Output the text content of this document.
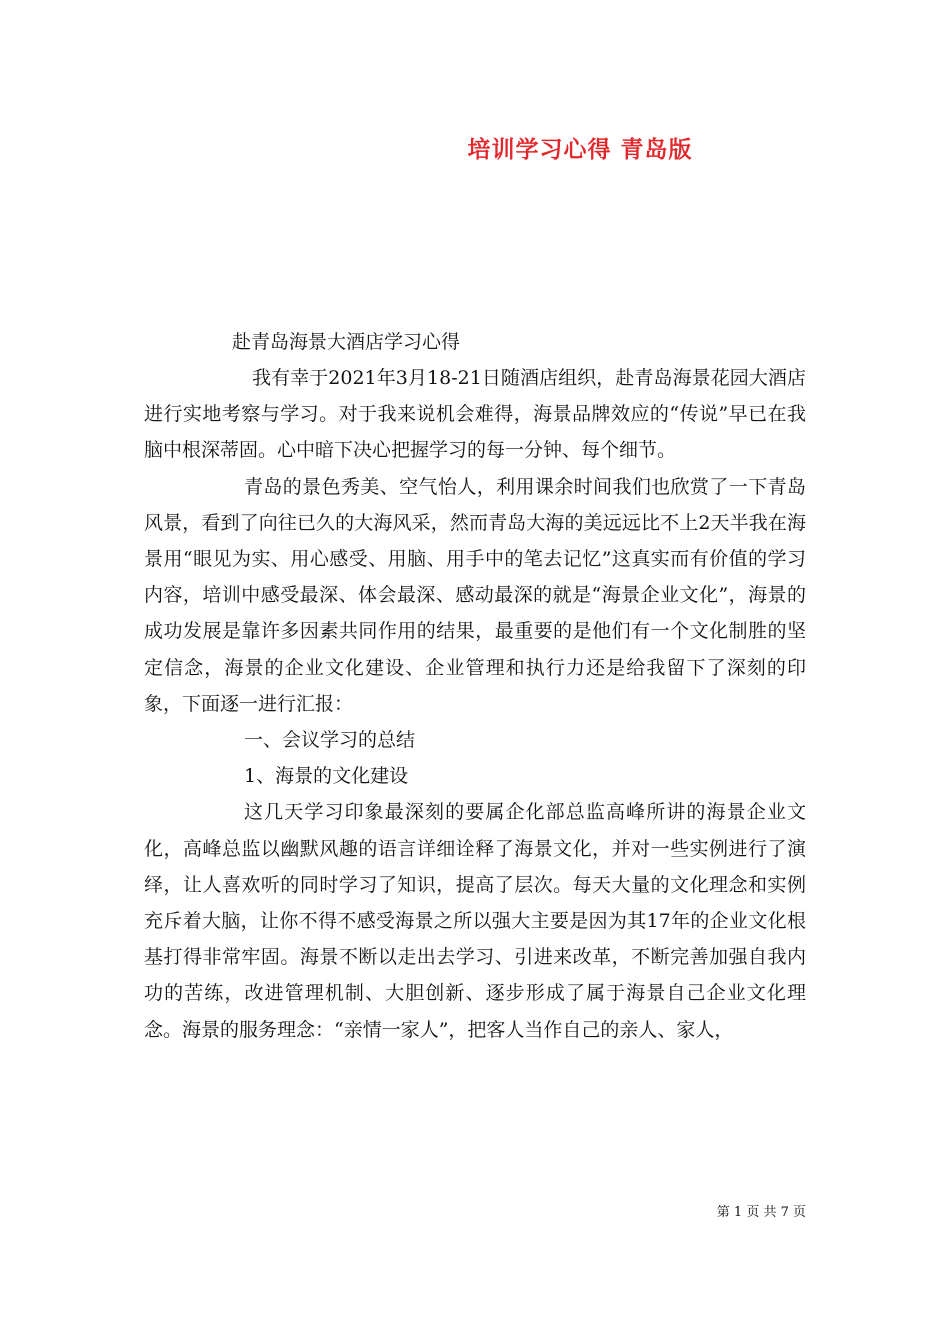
培训学习心得 青岛版
赴青岛海景大酒店学习心得

我有幸于2021年3月18-21日随酒店组织，赴青岛海景花园大酒店进行实地考察与学习。对于我来说机会难得，海景品牌效应的“传说”早已在我脑中根深蒂固。心中暗下决心把握学习的每一分钟、每个细节。

青岛的景色秀美、空气怡人，利用课余时间我们也欣赏了一下青岛风景，看到了向往已久的大海风采，然而青岛大海的美远远比不上2天半我在海景用“眼见为实、用心感受、用脑、用手中的笔去记忆”这真实而有价值的学习内容，培训中感受最深、体会最深、感动最深的就是“海景企业文化”，海景的成功发展是靠许多因素共同作用的结果，最重要的是他们有一个文化制胜的坚定信念，海景的企业文化建设、企业管理和执行力还是给我留下了深刻的印象，下面逐一进行汇报：

一、会议学习的总结

1、海景的文化建设

这几天学习印象最深刻的要属企化部总监高峰所讲的海景企业文化，高峰总监以幽默风趣的语言详细诠释了海景文化，并对一些实例进行了演绎，让人喜欢听的同时学习了知识，提高了层次。每天大量的文化理念和实例充斥着大脑，让你不得不感受海景之所以强大主要是因为其17年的企业文化根基打得非常牢固。海景不断以走出去学习、引进来改革，不断完善加强自我内功的苦练，改进管理机制、大胆创新、逐步形成了属于海景自己企业文化理念。海景的服务理念：“亲情一家人”，把客人当作自己的亲人、家人，

第 1 页 共 7 页
